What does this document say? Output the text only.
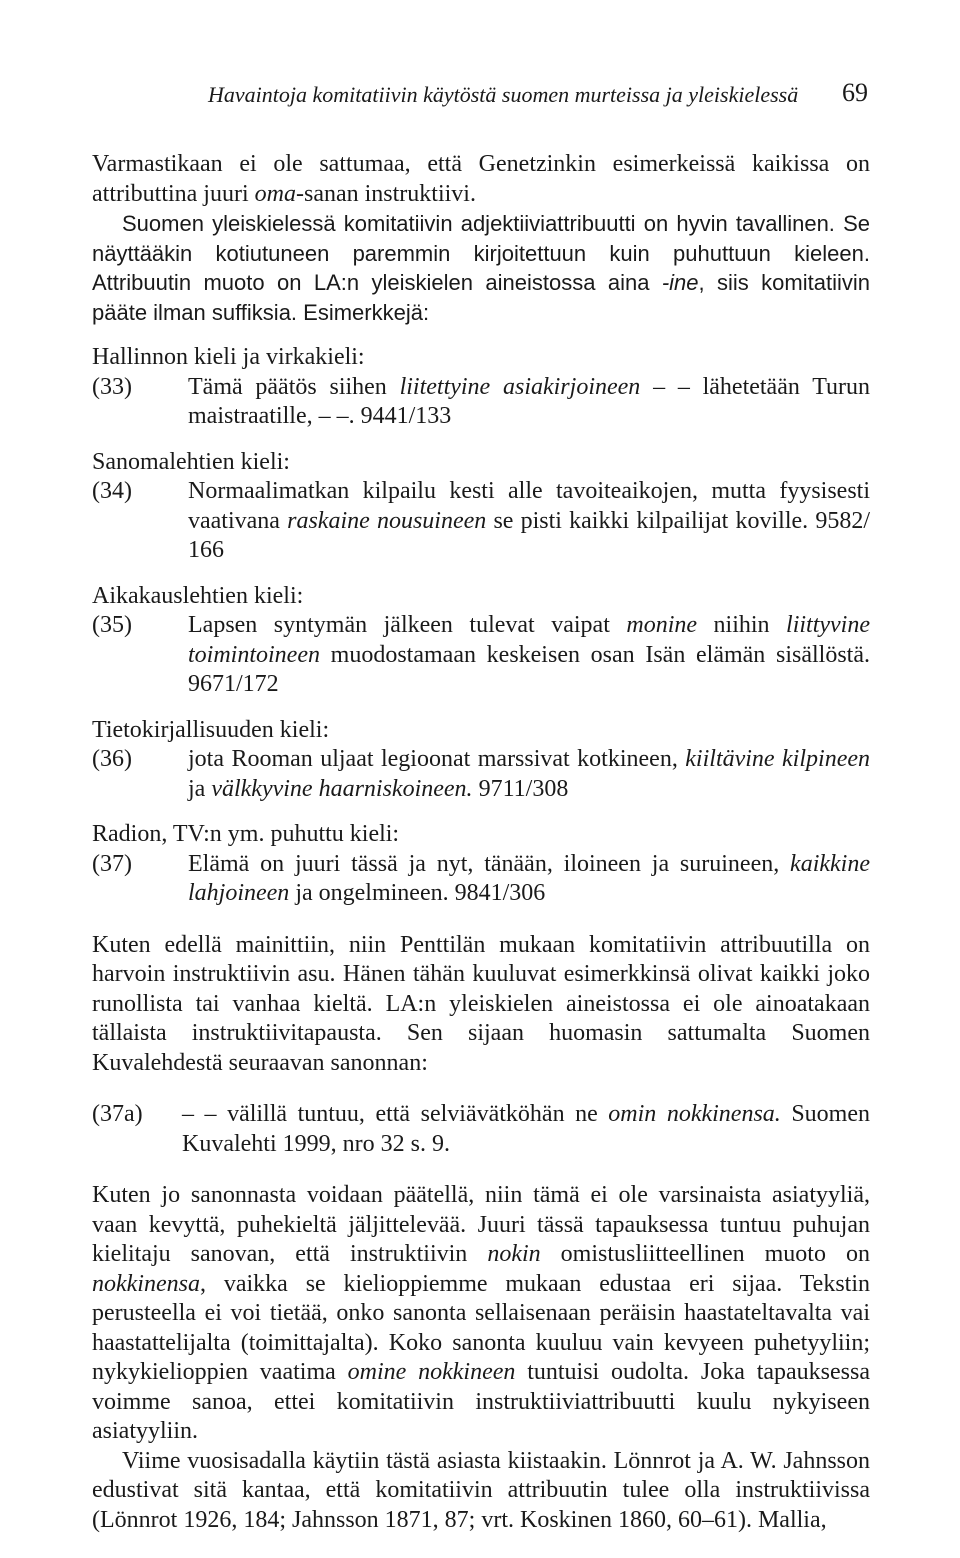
Havaintoja komitatiivin käytöstä suomen murteissa ja yleiskielessä 69

Varmastikaan ei ole sattumaa, että Genetzinkin esimerkeissä kaikissa on attributtina juuri oma-sanan instruktiivi.

Suomen yleiskielessä komitatiivin adjektiiviattribuutti on hyvin tavallinen. Se näyttääkin kotiutuneen paremmin kirjoitettuun kuin puhuttuun kieleen. Attribuutin muoto on LA:n yleiskielen aineistossa aina -ine, siis komitatiivin pääte ilman suffiksia. Esimerkkejä:

Hallinnon kieli ja virkakieli:

(33)	Tämä päätös siihen liitettyine asiakirjoineen – – lähetetään Turun maistraatille, – –. 9441/133

Sanomalehtien kieli:

(34)	Normaalimatkan kilpailu kesti alle tavoiteaikojen, mutta fyysisesti vaativana raskaine nousuineen se pisti kaikki kilpailijat koville. 9582/ 166

Aikakauslehtien kieli:

(35)	Lapsen syntymän jälkeen tulevat vaipat monine niihin liittyvine toimintoineen muodostamaan keskeisen osan Isän elämän sisällöstä. 9671/172

Tietokirjallisuuden kieli:

(36)	jota Rooman uljaat legioonat marssivat kotkineen, kiiltävine kilpineen ja välkkyvine haarniskoineen. 9711/308

Radion, TV:n ym. puhuttu kieli:

(37)	Elämä on juuri tässä ja nyt, tänään, iloineen ja suruineen, kaikkine lahjoineen ja ongelmineen. 9841/306

Kuten edellä mainittiin, niin Penttilän mukaan komitatiivin attribuutilla on harvoin instruktiivin asu. Hänen tähän kuuluvat esimerkkinsä olivat kaikki joko runollista tai vanhaa kieltä. LA:n yleiskielen aineistossa ei ole ainoatakaan tällaista instruktiivitapausta. Sen sijaan huomasin sattumalta Suomen Kuvalehdestä seuraavan sanonnan:

(37a)	– – välillä tuntuu, että selviävätköhän ne omin nokkinensa. Suomen Kuvalehti 1999, nro 32 s. 9.

Kuten jo sanonnasta voidaan päätellä, niin tämä ei ole varsinaista asiatyyliä, vaan kevyttä, puhekieltä jäljittelevää. Juuri tässä tapauksessa tuntuu puhujan kielitaju sanovan, että instruktiivin nokin omistusliitteellinen muoto on nokkinensa, vaikka se kielioppiemme mukaan edustaa eri sijaa. Tekstin perusteella ei voi tietää, onko sanonta sellaisenaan peräisin haastateltavalta vai haastattelijalta (toimittajalta). Koko sanonta kuuluu vain kevyeen puhetyyliin; nykykielioppien vaatima omine nokkineen tuntuisi oudolta. Joka tapauksessa voimme sanoa, ettei komitatiivin instruktiiviattribuutti kuulu nykyiseen asiatyyliin.

Viime vuosisadalla käytiin tästä asiasta kiistaakin. Lönnrot ja A. W. Jahnsson edustivat sitä kantaa, että komitatiivin attribuutin tulee olla instruktiivissa (Lönnrot 1926, 184; Jahnsson 1871, 87; vrt. Koskinen 1860, 60–61). Mallia,
